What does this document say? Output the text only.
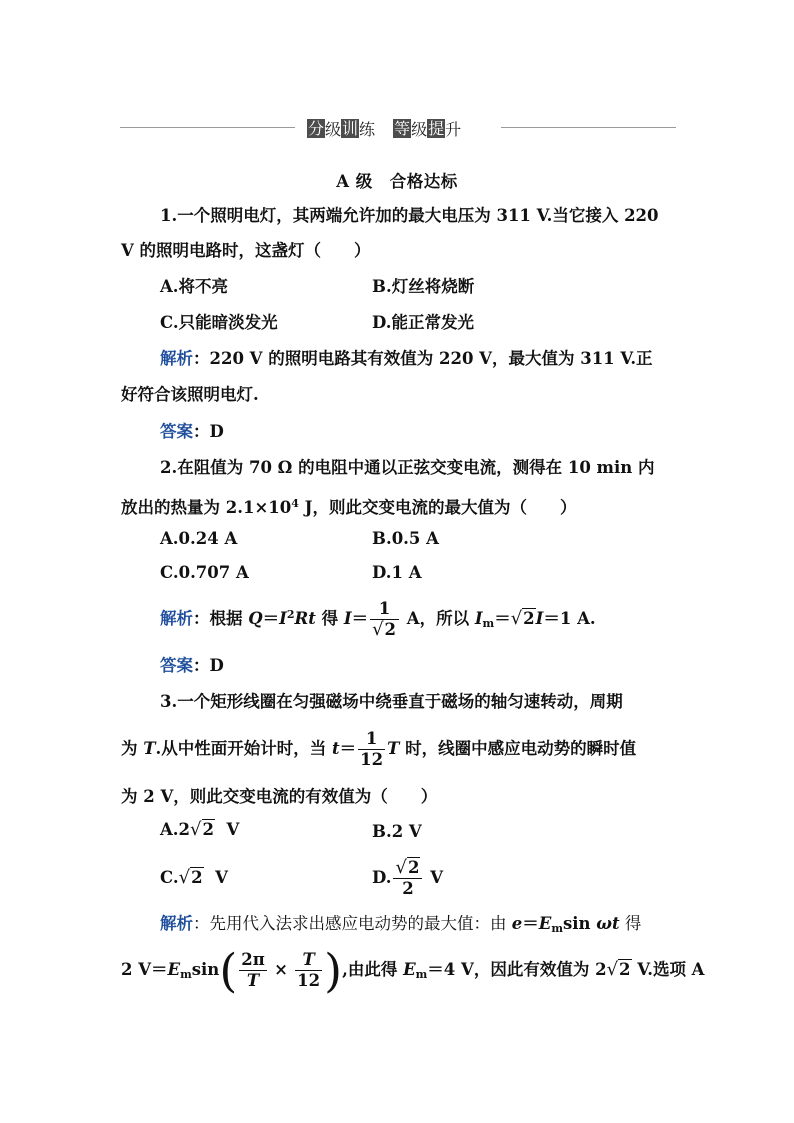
分 级 训 练 等 级 提 升
A 级　合格达标
1.一个照明电灯，其两端允许加的最大电压为 311 V.当它接入 220
V 的照明电路时，这盏灯（　　）
A.将不亮	B.灯丝将烧断
C.只能暗淡发光	D.能正常发光
解析：220 V 的照明电路其有效值为 220 V，最大值为 311 V.正
好符合该照明电灯.
答案：D
2.在阻值为 70 Ω 的电阻中通以正弦交变电流，测得在 10 min 内
放出的热量为 $2.1\times 10^4$ J，则此交变电流的最大值为（　　）
A.0.24 A	B.0.5 A
C.0.707 A	D.1 A
解析：根据 $Q=I^2Rt$ 得 $I= \frac{1}{√2}$ A，所以 $I_m=√2I=1$ A.
答案：D
3.一个矩形线圈在匀强磁场中绕垂直于磁场的轴匀速转动，周期
为 T.从中性面开始计时，当 $t= \frac{1}{12}$ T 时，线圈中感应电动势的瞬时值
为 2 V，则此交变电流的有效值为（　　）
A.2√2 V	B.2 V
C.√2 V	D. $\frac{√2}{2}$ V
解析：先用代入法求出感应电动势的最大值：由 $e=E_m\sin$ ωt 得
2 $V=E_m\sin( \frac{2\pi}{T} \times \frac{T}{12}$ ),由此得 $E_m=4$ V，因此有效值为 2√2 V.选项 A
